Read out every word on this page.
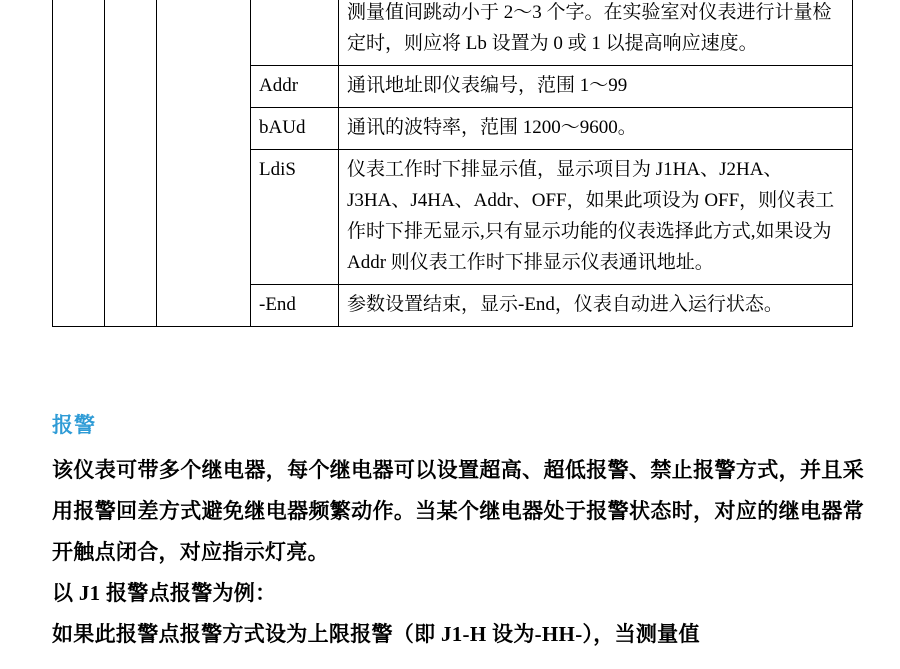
				测量值间跳动小于 2～3 个字。在实验室对仪表进行计量检定时，则应将 Lb 设置为 0 或 1 以提高响应速度。
			Addr	通讯地址即仪表编号，范围 1～99
			bAUd	通讯的波特率，范围 1200～9600。
			LdiS	仪表工作时下排显示值，显示项目为 J1HA、J2HA、J3HA、J4HA、Addr、OFF，如果此项设为 OFF，则仪表工作时下排无显示,只有显示功能的仪表选择此方式,如果设为 Addr 则仪表工作时下排显示仪表通讯地址。
			-End	参数设置结束，显示-End，仪表自动进入运行状态。
报警

该仪表可带多个继电器，每个继电器可以设置超高、超低报警、禁止报警方式，并且采用报警回差方式避免继电器频繁动作。当某个继电器处于报警状态时，对应的继电器常开触点闭合，对应指示灯亮。

以 J1 报警点报警为例：

如果此报警点报警方式设为上限报警（即 J1-H 设为-HH-），当测量值
